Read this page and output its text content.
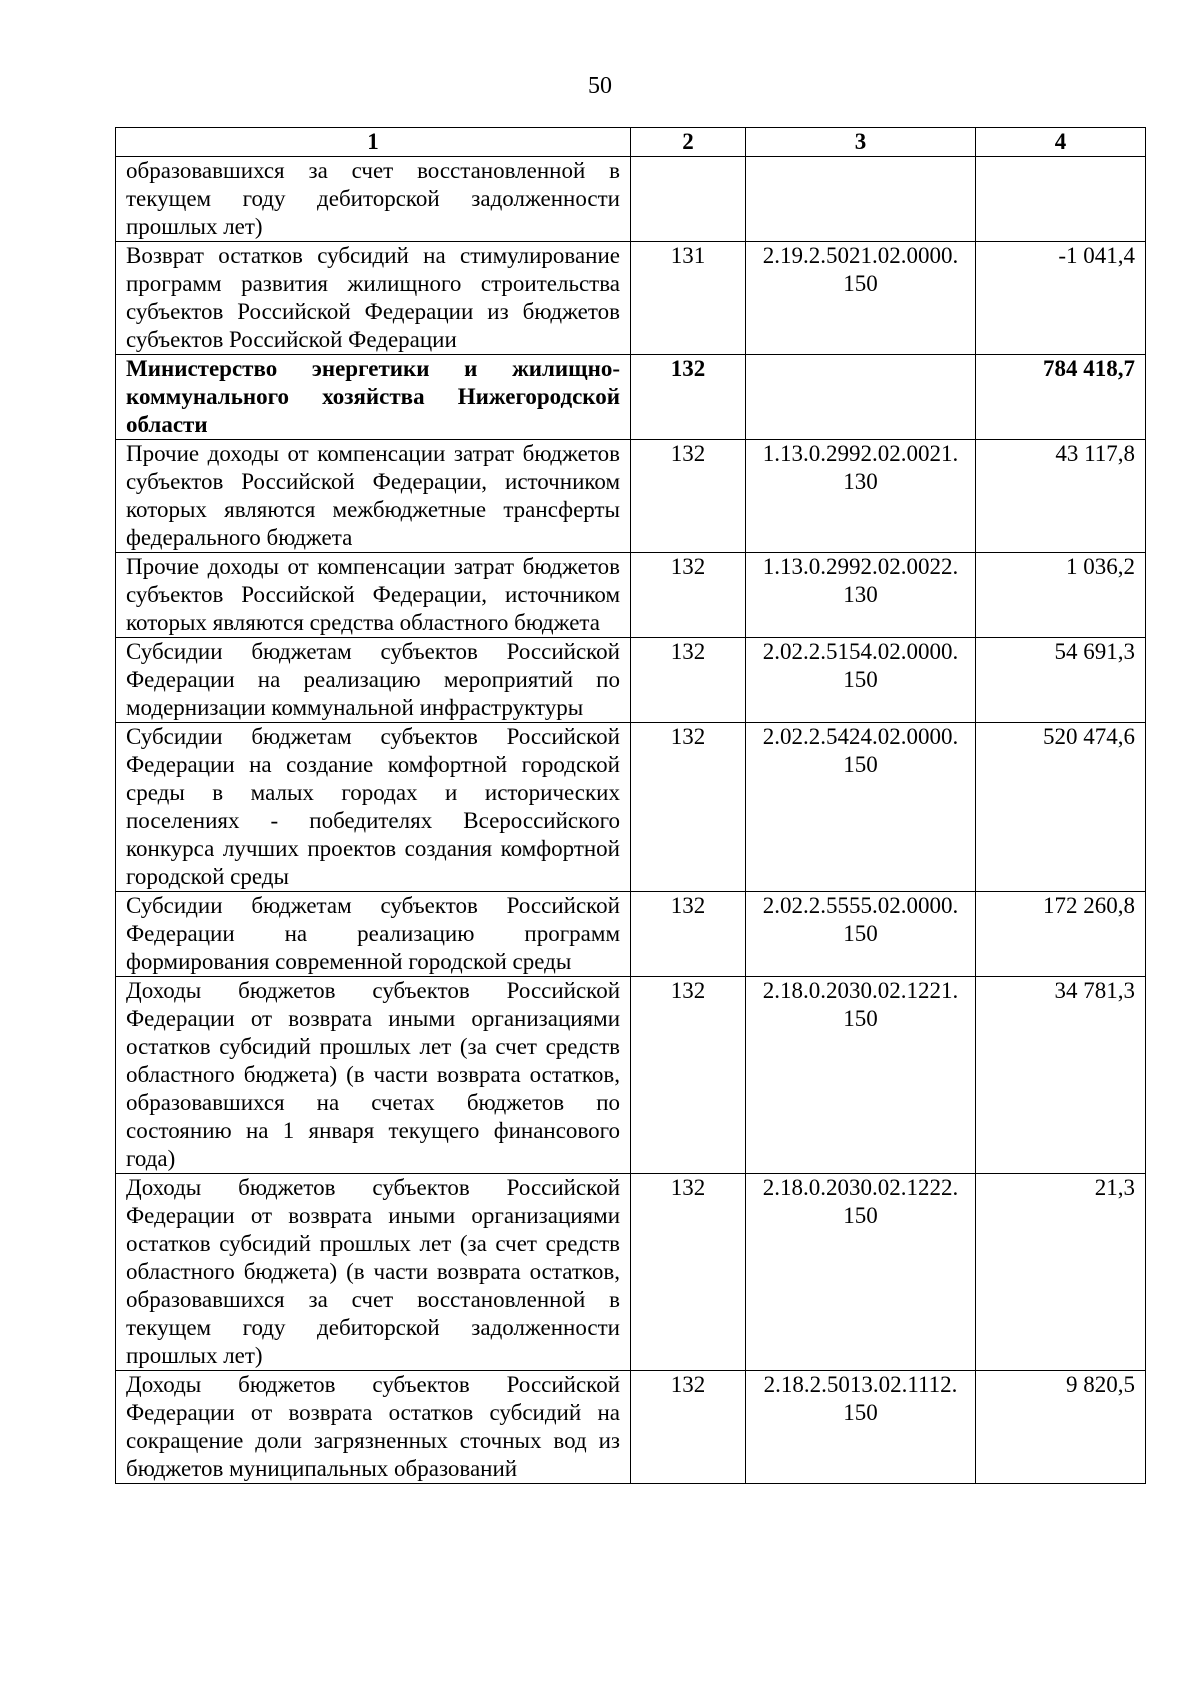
50
1	2	3	4
образовавшихся за счет восстановленной в текущем году дебиторской задолженности прошлых лет)			
Возврат остатков субсидий на стимулирование программ развития жилищного строительства субъектов Российской Федерации из бюджетов субъектов Российской Федерации	131	2.19.2.5021.02.0000. 150	-1 041,4
Министерство энергетики и жилищно-коммунального хозяйства Нижегородской области	132		784 418,7
Прочие доходы от компенсации затрат бюджетов субъектов Российской Федерации, источником которых являются межбюджетные трансферты федерального бюджета	132	1.13.0.2992.02.0021. 130	43 117,8
Прочие доходы от компенсации затрат бюджетов субъектов Российской Федерации, источником которых являются средства областного бюджета	132	1.13.0.2992.02.0022. 130	1 036,2
Субсидии бюджетам субъектов Российской Федерации на реализацию мероприятий по модернизации коммунальной инфраструктуры	132	2.02.2.5154.02.0000. 150	54 691,3
Субсидии бюджетам субъектов Российской Федерации на создание комфортной городской среды в малых городах и исторических поселениях - победителях Всероссийского конкурса лучших проектов создания комфортной городской среды	132	2.02.2.5424.02.0000. 150	520 474,6
Субсидии бюджетам субъектов Российской Федерации на реализацию программ формирования современной городской среды	132	2.02.2.5555.02.0000. 150	172 260,8
Доходы бюджетов субъектов Российской Федерации от возврата иными организациями остатков субсидий прошлых лет (за счет средств областного бюджета) (в части возврата остатков, образовавшихся на счетах бюджетов по состоянию на 1 января текущего финансового года)	132	2.18.0.2030.02.1221. 150	34 781,3
Доходы бюджетов субъектов Российской Федерации от возврата иными организациями остатков субсидий прошлых лет (за счет средств областного бюджета) (в части возврата остатков, образовавшихся за счет восстановленной в текущем году дебиторской задолженности прошлых лет)	132	2.18.0.2030.02.1222. 150	21,3
Доходы бюджетов субъектов Российской Федерации от возврата остатков субсидий на сокращение доли загрязненных сточных вод из бюджетов муниципальных образований	132	2.18.2.5013.02.1112. 150	9 820,5
